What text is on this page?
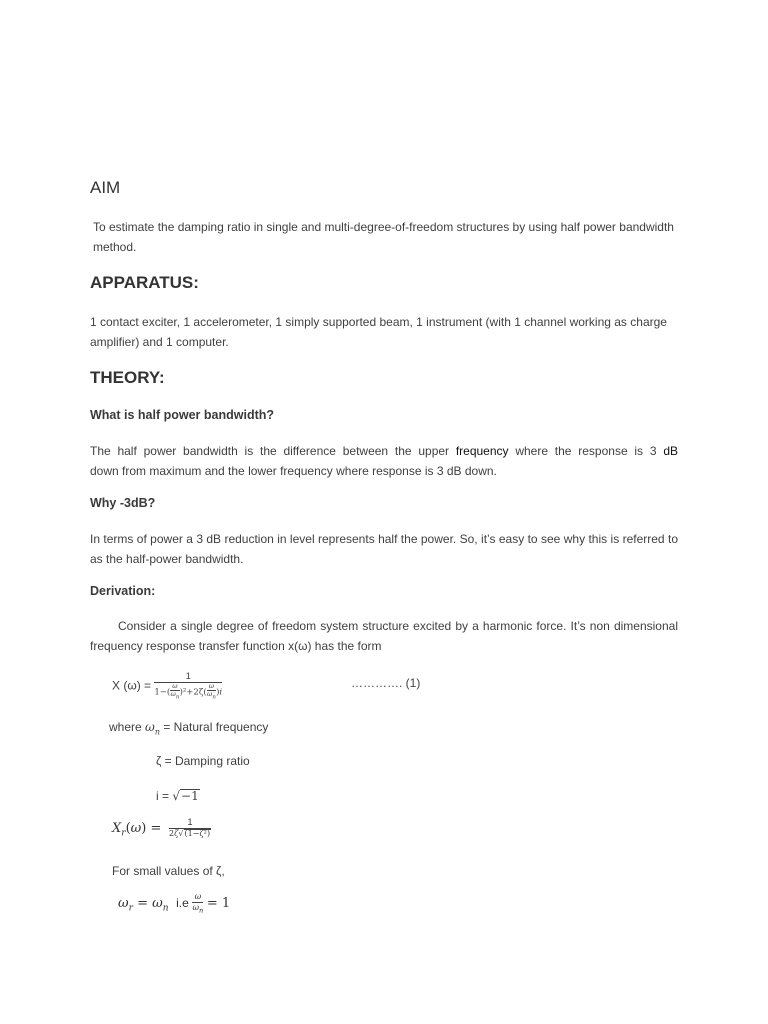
AIM
To estimate the damping ratio in single and multi-degree-of-freedom structures by using half power bandwidth method.
APPARATUS:
1 contact exciter, 1 accelerometer, 1 simply supported beam, 1 instrument (with 1 channel working as charge amplifier) and 1 computer.
THEORY:
What is half power bandwidth?
The half power bandwidth is the difference between the upper frequency where the response is 3 dB
down from maximum and the lower frequency where response is 3 dB down.
Why -3dB?
In terms of power a 3 dB reduction in level represents half the power. So, it’s easy to see why this is referred to as the half-power bandwidth.
Derivation:
Consider a single degree of freedom system structure excited by a harmonic force. It’s non dimensional frequency response transfer function x(ω) has the form
X $(\omega) = \frac{1}{1-( \frac{\omega}{\omega_n} )^2+2\zeta( \frac{\omega}{\omega_n} )i}$	…………. (1)
where $\omega_n$ = Natural frequency
ζ = Damping ratio
i = √−1
$X_r(\omega) = \frac{1}{\text{2ζ√(1−ζ²)}}$
For small values of ζ,
$\omega_r = \omega_n$ $i.e \frac{\omega}{\omega_n} = 1$
